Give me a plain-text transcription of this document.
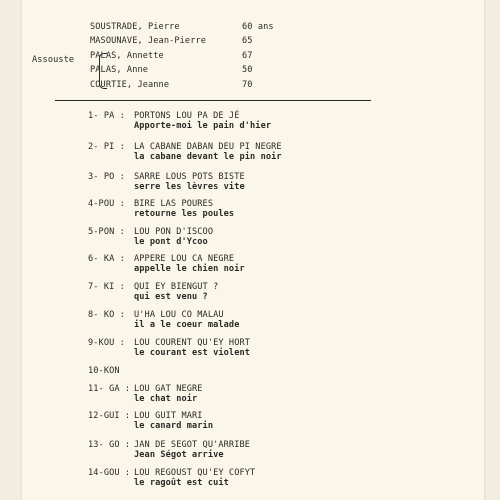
SOUSTRADE, Pierre	60 ans
MASOUNAVE, Jean-Pierre	65
Assouste PALAS, Annette	67
PALAS, Anne	50
COURTIE, Jeanne	70
1- PA : PORTONS LOU PA DE JÉ
Apporte-moi le pain d'hier
2- PI : LA CABANE DABAN DEU PI NEGRE
la cabane devant le pin noir
3- PO : SARRE LOUS POTS BISTE
serre les lèvres vite
4-POU : BIRE LAS POURES
retourne les poules
5-PON : LOU PON D'ISCOO
le pont d'Ycoo
6- KA : APPERE LOU CA NEGRE
appelle le chien noir
7- KI : QUI EY BIENGUT ?
qui est venu ?
8- KO : U'HA LOU CO MALAU
il a le coeur malade
9-KOU : LOU COURENT QU'EY HORT
le courant est violent
10-KON
11- GA : LOU GAT NEGRE
le chat noir
12-GUI : LOU GUIT MARI
le canard marin
13- GO : JAN DE SEGOT QU'ARRIBE
Jean Ségot arrive
14-GOU : LOU REGOUST QU'EY COFYT
le ragoût est cuit
